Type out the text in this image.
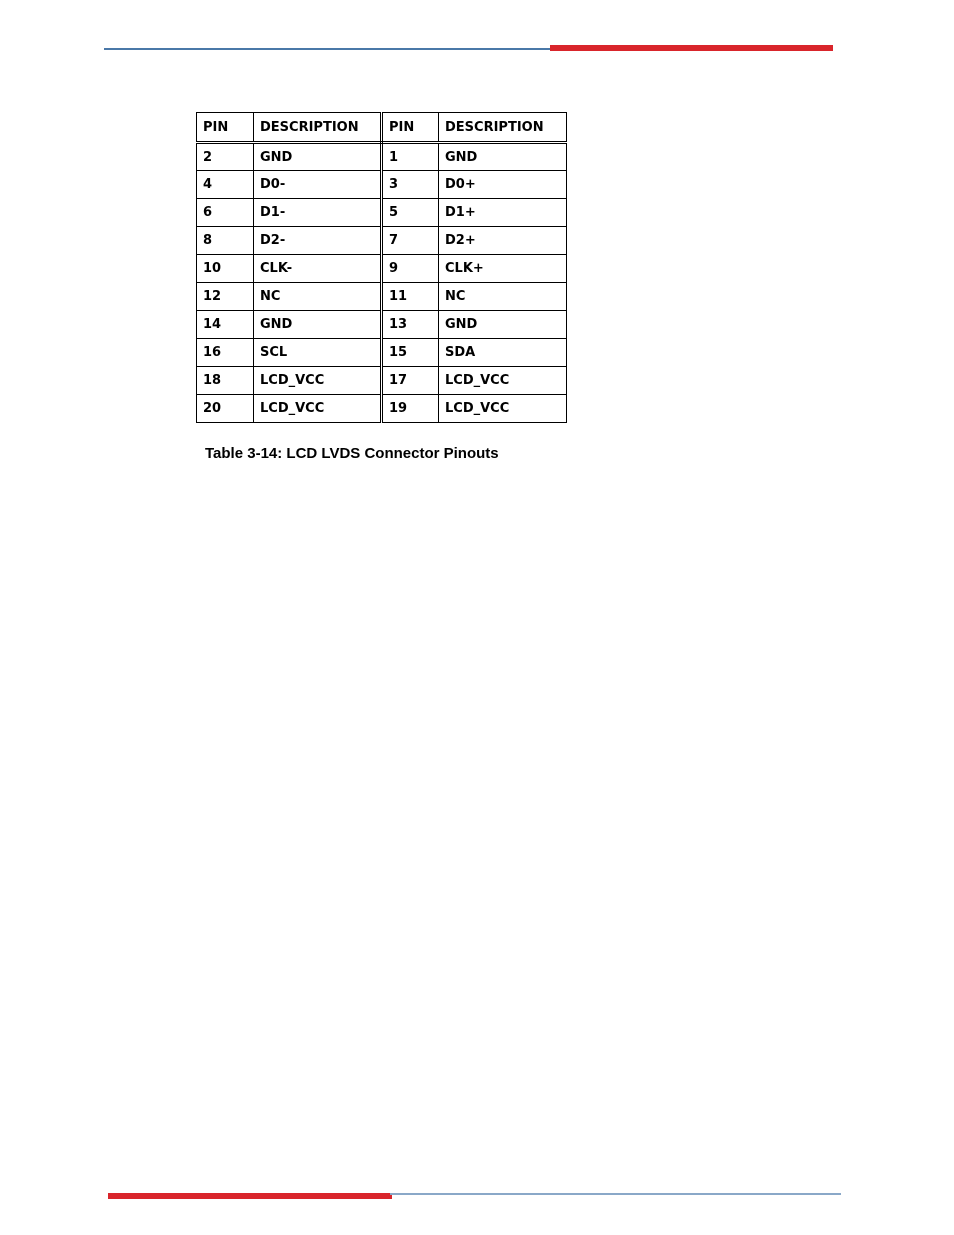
PIN	DESCRIPTION	PIN	DESCRIPTION
2	GND	1	GND
4	D0-	3	D0+
6	D1-	5	D1+
8	D2-	7	D2+
10	CLK-	9	CLK+
12	NC	11	NC
14	GND	13	GND
16	SCL	15	SDA
18	LCD_VCC	17	LCD_VCC
20	LCD_VCC	19	LCD_VCC
Table 3-14: LCD LVDS Connector Pinouts
